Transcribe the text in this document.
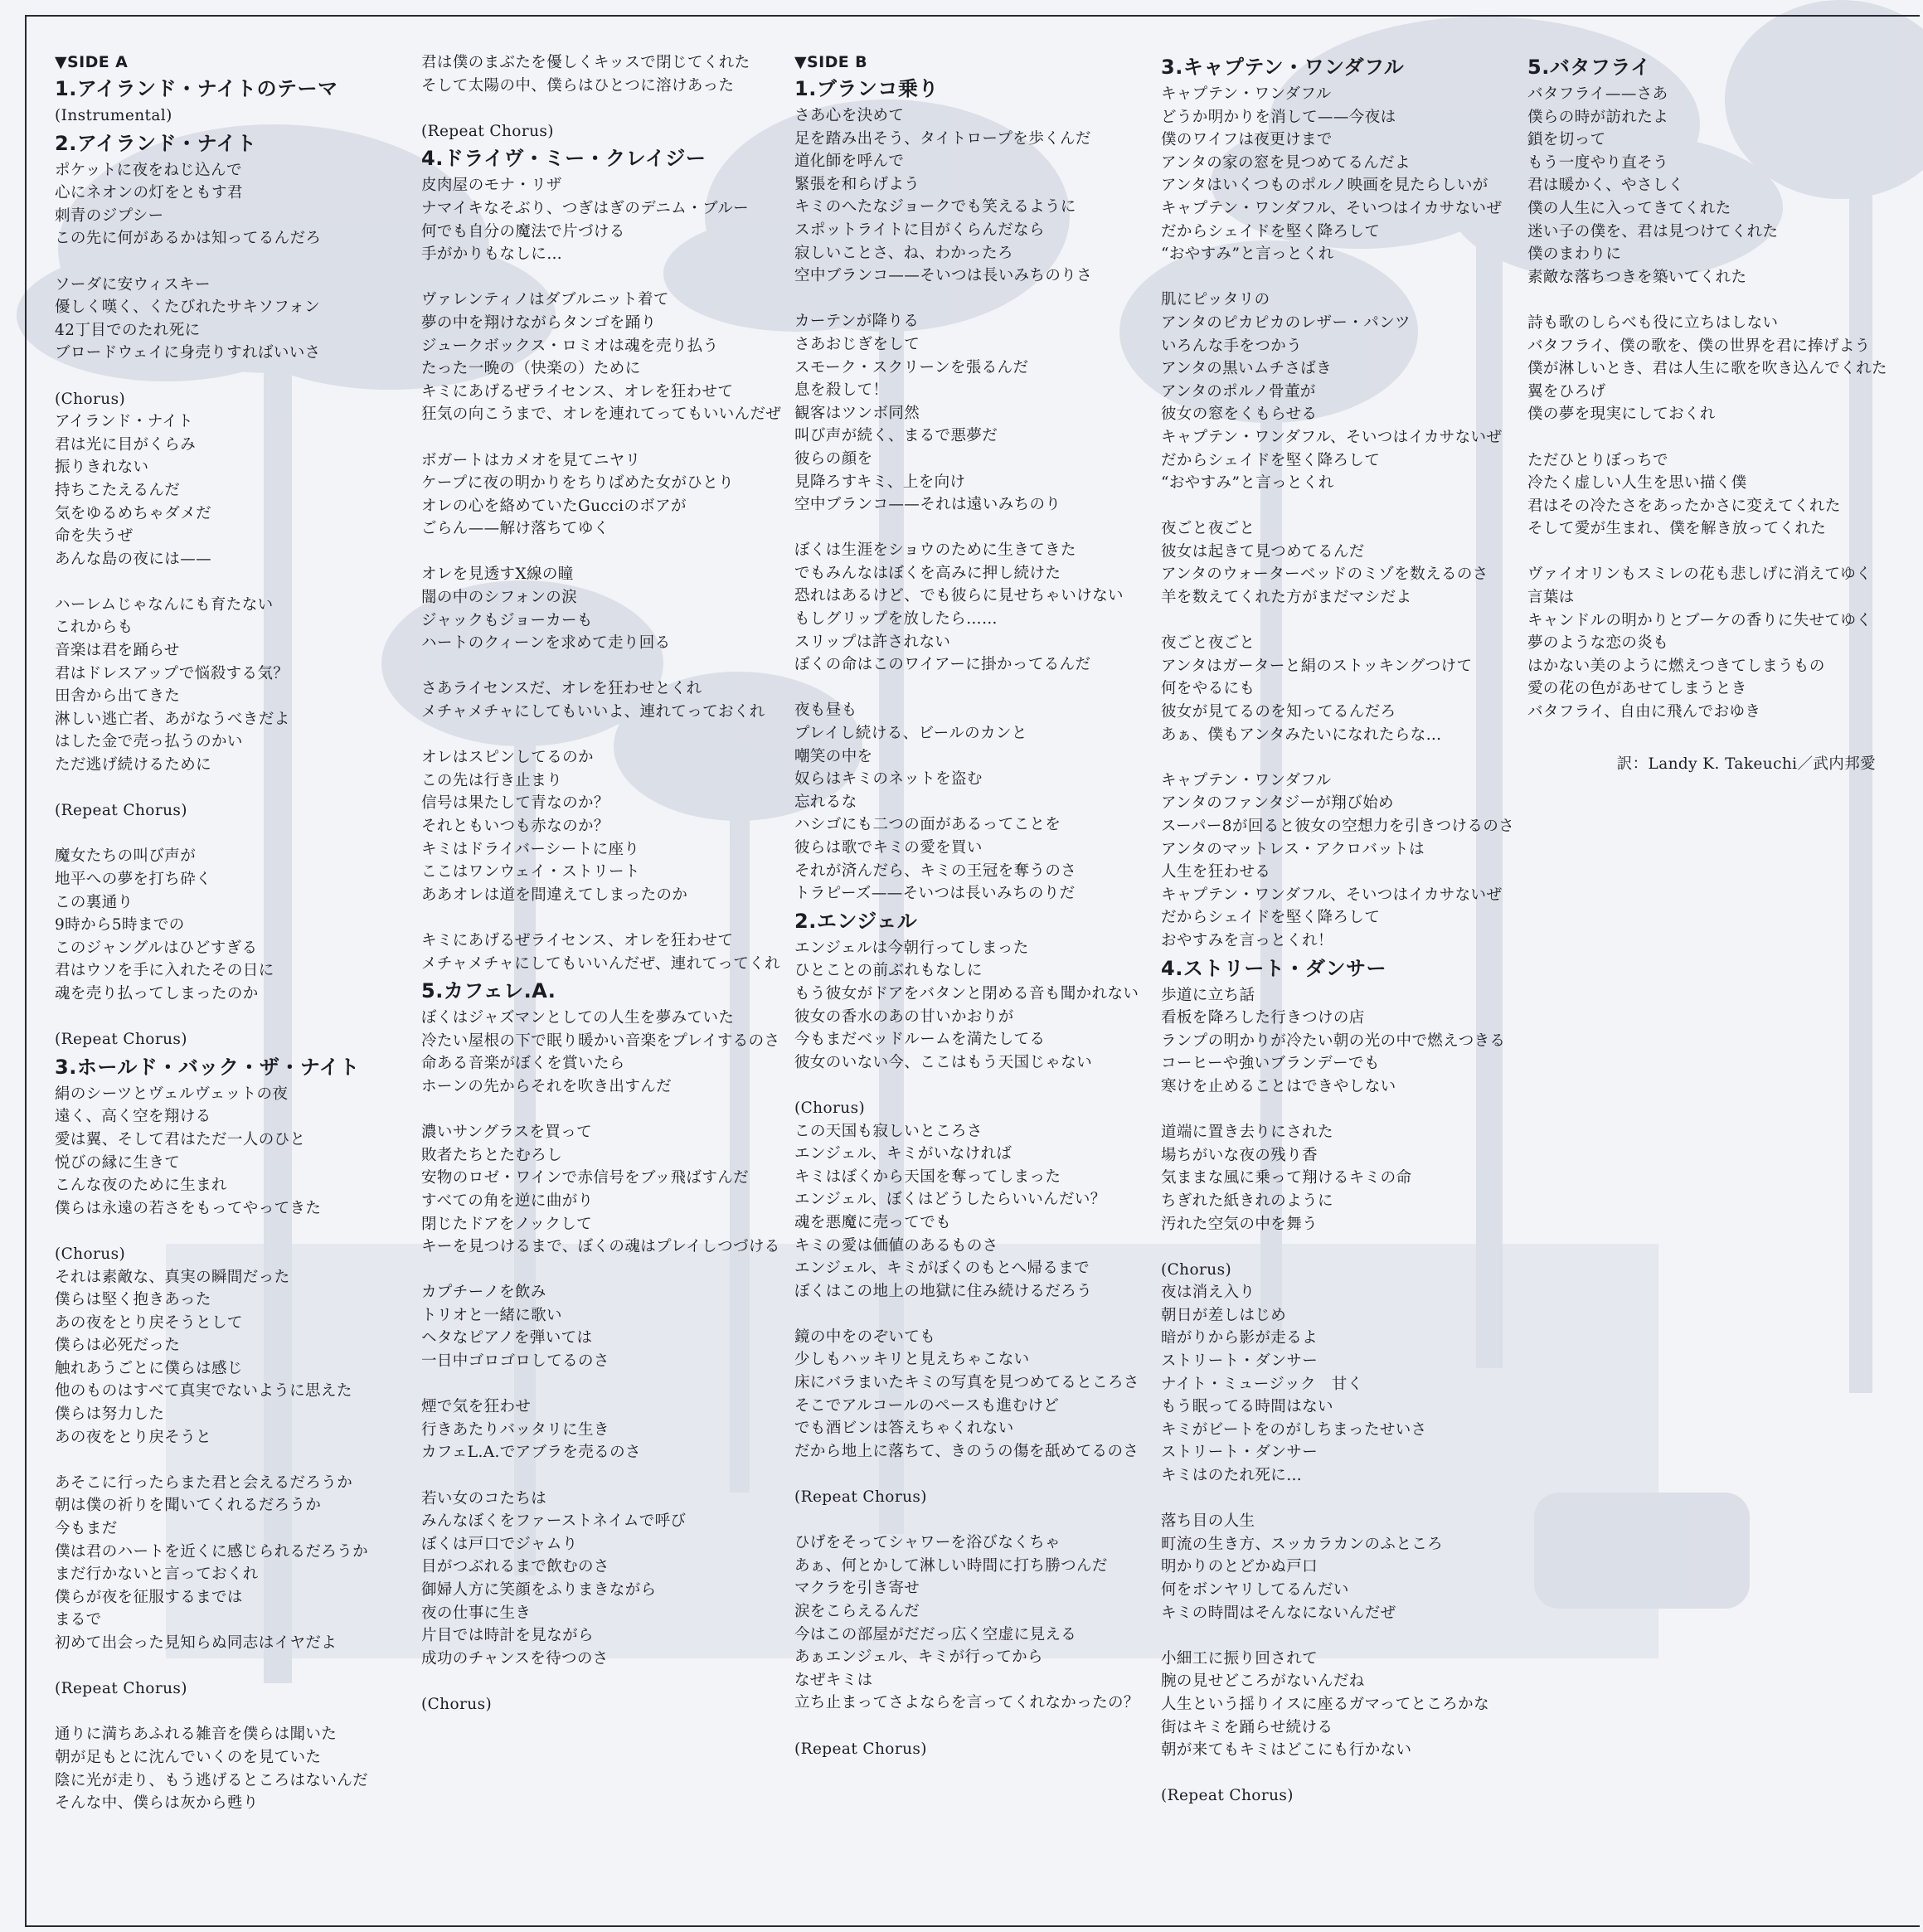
▼SIDE A
1.アイランド・ナイトのテーマ
(Instrumental)
2.アイランド・ナイト
ポケットに夜をねじ込んで
心にネオンの灯をともす君
刺青のジプシー
この先に何があるかは知ってるんだろ
ソーダに安ウィスキー
優しく嘆く、くたびれたサキソフォン
42丁目でのたれ死に
ブロードウェイに身売りすればいいさ
(Chorus)
アイランド・ナイト
君は光に目がくらみ
振りきれない
持ちこたえるんだ
気をゆるめちゃダメだ
命を失うぜ
あんな島の夜には——
ハーレムじゃなんにも育たない
これからも
音楽は君を踊らせ
君はドレスアップで悩殺する気？
田舎から出てきた
淋しい逃亡者、あがなうべきだよ
はした金で売っ払うのかい
ただ逃げ続けるために
(Repeat Chorus)
魔女たちの叫び声が
地平への夢を打ち砕く
この裏通り
9時から5時までの
このジャングルはひどすぎる
君はウソを手に入れたその日に
魂を売り払ってしまったのか
(Repeat Chorus)
3.ホールド・バック・ザ・ナイト
絹のシーツとヴェルヴェットの夜
遠く、高く空を翔ける
愛は翼、そして君はただ一人のひと
悦びの縁に生きて
こんな夜のために生まれ
僕らは永遠の若さをもってやってきた
(Chorus)
それは素敵な、真実の瞬間だった
僕らは堅く抱きあった
あの夜をとり戻そうとして
僕らは必死だった
触れあうごとに僕らは感じ
他のものはすべて真実でないように思えた
僕らは努力した
あの夜をとり戻そうと
あそこに行ったらまた君と会えるだろうか
朝は僕の祈りを聞いてくれるだろうか
今もまだ
僕は君のハートを近くに感じられるだろうか
まだ行かないと言っておくれ
僕らが夜を征服するまでは
まるで
初めて出会った見知らぬ同志はイヤだよ
(Repeat Chorus)
通りに満ちあふれる雑音を僕らは聞いた
朝が足もとに沈んでいくのを見ていた
陰に光が走り、もう逃げるところはないんだ
そんな中、僕らは灰から甦り
君は僕のまぶたを優しくキッスで閉じてくれた
そして太陽の中、僕らはひとつに溶けあった
(Repeat Chorus)
4.ドライヴ・ミー・クレイジー
皮肉屋のモナ・リザ
ナマイキなそぶり、つぎはぎのデニム・ブルー
何でも自分の魔法で片づける
手がかりもなしに…
ヴァレンティノはダブルニット着て
夢の中を翔けながらタンゴを踊り
ジュークボックス・ロミオは魂を売り払う
たった一晩の（快楽の）ために
キミにあげるぜライセンス、オレを狂わせて
狂気の向こうまで、オレを連れてってもいいんだぜ
ボガートはカメオを見てニヤリ
ケープに夜の明かりをちりばめた女がひとり
オレの心を絡めていたGucciのボアが
ごらん——解け落ちてゆく
オレを見透すX線の瞳
闇の中のシフォンの涙
ジャックもジョーカーも
ハートのクィーンを求めて走り回る
さあライセンスだ、オレを狂わせとくれ
メチャメチャにしてもいいよ、連れてっておくれ
オレはスピンしてるのか
この先は行き止まり
信号は果たして青なのか？
それともいつも赤なのか？
キミはドライバーシートに座り
ここはワンウェイ・ストリート
ああオレは道を間違えてしまったのか
キミにあげるぜライセンス、オレを狂わせて
メチャメチャにしてもいいんだぜ、連れてってくれ
5.カフェレ.A.
ぼくはジャズマンとしての人生を夢みていた
冷たい屋根の下で眠り暖かい音楽をプレイするのさ
命ある音楽がぼくを賞いたら
ホーンの先からそれを吹き出すんだ
濃いサングラスを買って
敗者たちとたむろし
安物のロゼ・ワインで赤信号をブッ飛ばすんだ
すべての角を逆に曲がり
閉じたドアをノックして
キーを見つけるまで、ぼくの魂はプレイしつづける
カプチーノを飲み
トリオと一緒に歌い
ヘタなピアノを弾いては
一日中ゴロゴロしてるのさ
煙で気を狂わせ
行きあたりバッタリに生き
カフェL.A.でアブラを売るのさ
若い女のコたちは
みんなぼくをファーストネイムで呼び
ぼくは戸口でジャムり
目がつぶれるまで飲むのさ
御婦人方に笑顔をふりまきながら
夜の仕事に生き
片目では時計を見ながら
成功のチャンスを待つのさ
(Chorus)
▼SIDE B
1.ブランコ乗り
さあ心を決めて
足を踏み出そう、タイトロープを歩くんだ
道化師を呼んで
緊張を和らげよう
キミのへたなジョークでも笑えるように
スポットライトに目がくらんだなら
寂しいことさ、ね、わかったろ
空中ブランコ——そいつは長いみちのりさ
カーテンが降りる
さあおじぎをして
スモーク・スクリーンを張るんだ
息を殺して！
観客はツンボ同然
叫び声が続く、まるで悪夢だ
彼らの顔を
見降ろすキミ、上を向け
空中ブランコ——それは遠いみちのり
ぼくは生涯をショウのために生きてきた
でもみんなはぼくを高みに押し続けた
恐れはあるけど、でも彼らに見せちゃいけない
もしグリップを放したら……
スリップは許されない
ぼくの命はこのワイアーに掛かってるんだ
夜も昼も
プレイし続ける、ビールのカンと
嘲笑の中を
奴らはキミのネットを盗む
忘れるな
ハシゴにも二つの面があるってことを
彼らは歌でキミの愛を買い
それが済んだら、キミの王冠を奪うのさ
トラピーズ——そいつは長いみちのりだ
2.エンジェル
エンジェルは今朝行ってしまった
ひとことの前ぶれもなしに
もう彼女がドアをバタンと閉める音も聞かれない
彼女の香水のあの甘いかおりが
今もまだベッドルームを満たしてる
彼女のいない今、ここはもう天国じゃない
(Chorus)
この天国も寂しいところさ
エンジェル、キミがいなければ
キミはぼくから天国を奪ってしまった
エンジェル、ぼくはどうしたらいいんだい？
魂を悪魔に売ってでも
キミの愛は価値のあるものさ
エンジェル、キミがぼくのもとへ帰るまで
ぼくはこの地上の地獄に住み続けるだろう
鏡の中をのぞいても
少しもハッキリと見えちゃこない
床にバラまいたキミの写真を見つめてるところさ
そこでアルコールのペースも進むけど
でも酒ビンは答えちゃくれない
だから地上に落ちて、きのうの傷を舐めてるのさ
(Repeat Chorus)
ひげをそってシャワーを浴びなくちゃ
あぁ、何とかして淋しい時間に打ち勝つんだ
マクラを引き寄せ
涙をこらえるんだ
今はこの部屋がだだっ広く空虚に見える
あぁエンジェル、キミが行ってから
なぜキミは
立ち止まってさよならを言ってくれなかったの？
(Repeat Chorus)
3.キャプテン・ワンダフル
キャプテン・ワンダフル
どうか明かりを消して——今夜は
僕のワイフは夜更けまで
アンタの家の窓を見つめてるんだよ
アンタはいくつものポルノ映画を見たらしいが
キャプテン・ワンダフル、そいつはイカサないぜ
だからシェイドを堅く降ろして
“おやすみ”と言っとくれ
肌にピッタリの
アンタのピカピカのレザー・パンツ
いろんな手をつかう
アンタの黒いムチさばき
アンタのポルノ骨董が
彼女の窓をくもらせる
キャプテン・ワンダフル、そいつはイカサないぜ
だからシェイドを堅く降ろして
“おやすみ”と言っとくれ
夜ごと夜ごと
彼女は起きて見つめてるんだ
アンタのウォーターベッドのミゾを数えるのさ
羊を数えてくれた方がまだマシだよ
夜ごと夜ごと
アンタはガーターと絹のストッキングつけて
何をやるにも
彼女が見てるのを知ってるんだろ
あぁ、僕もアンタみたいになれたらな…
キャプテン・ワンダフル
アンタのファンタジーが翔び始め
スーパー8が回ると彼女の空想力を引きつけるのさ
アンタのマットレス・アクロバットは
人生を狂わせる
キャプテン・ワンダフル、そいつはイカサないぜ
だからシェイドを堅く降ろして
おやすみを言っとくれ！
4.ストリート・ダンサー
歩道に立ち話
看板を降ろした行きつけの店
ランプの明かりが冷たい朝の光の中で燃えつきる
コーヒーや強いブランデーでも
寒けを止めることはできやしない
道端に置き去りにされた
場ちがいな夜の残り香
気ままな風に乗って翔けるキミの命
ちぎれた紙きれのように
汚れた空気の中を舞う
(Chorus)
夜は消え入り
朝日が差しはじめ
暗がりから影が走るよ
ストリート・ダンサー
ナイト・ミュージック　甘く
もう眠ってる時間はない
キミがビートをのがしちまったせいさ
ストリート・ダンサー
キミはのたれ死に…
落ち目の人生
町流の生き方、スッカラカンのふところ
明かりのとどかぬ戸口
何をボンヤリしてるんだい
キミの時間はそんなにないんだぜ
小細工に振り回されて
腕の見せどころがないんだね
人生という揺りイスに座るガマってところかな
街はキミを踊らせ続ける
朝が来てもキミはどこにも行かない
(Repeat Chorus)
5.バタフライ
バタフライ——さあ
僕らの時が訪れたよ
鎖を切って
もう一度やり直そう
君は暖かく、やさしく
僕の人生に入ってきてくれた
迷い子の僕を、君は見つけてくれた
僕のまわりに
素敵な落ちつきを築いてくれた
詩も歌のしらべも役に立ちはしない
バタフライ、僕の歌を、僕の世界を君に捧げよう
僕が淋しいとき、君は人生に歌を吹き込んでくれた
翼をひろげ
僕の夢を現実にしておくれ
ただひとりぼっちで
冷たく虚しい人生を思い描く僕
君はその冷たさをあったかさに変えてくれた
そして愛が生まれ、僕を解き放ってくれた
ヴァイオリンもスミレの花も悲しげに消えてゆく
言葉は
キャンドルの明かりとブーケの香りに失せてゆく
夢のような恋の炎も
はかない美のように燃えつきてしまうもの
愛の花の色があせてしまうとき
バタフライ、自由に飛んでおゆき
訳：Landy K. Takeuchi／武内邦愛
